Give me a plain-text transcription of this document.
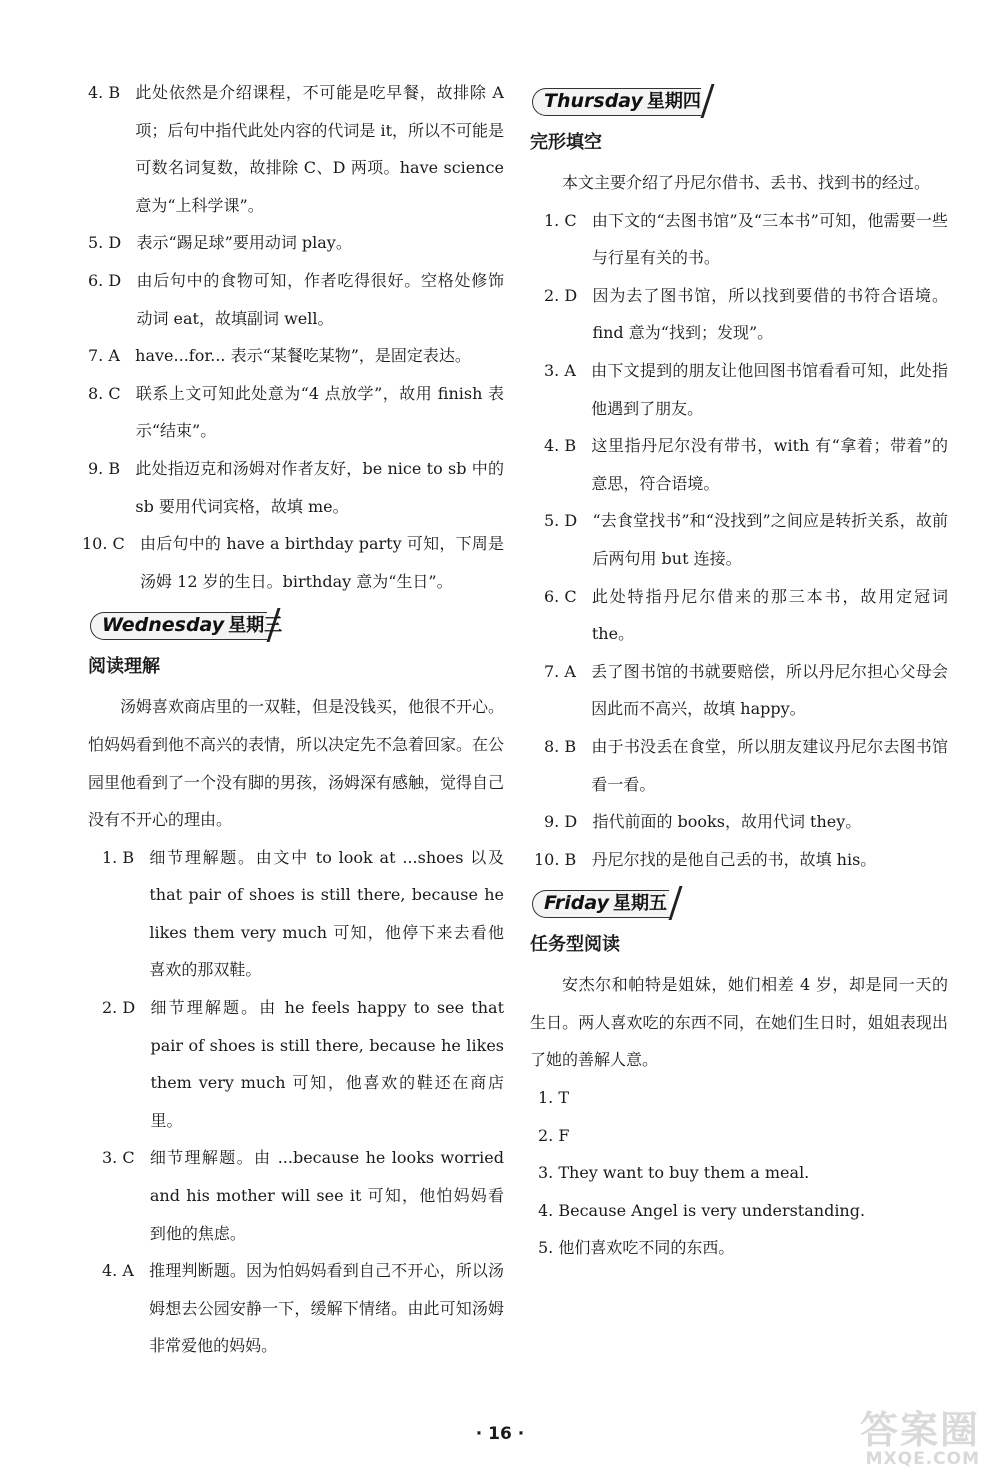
4. B
此处依然是介绍课程，不可能是吃早餐，故排除 A 项；后句中指代此处内容的代词是 it，所以不可能是可数名词复数，故排除 C、D 两项。have science 意为“上科学课”。
5. D
表示“踢足球”要用动词 play。
6. D
由后句中的食物可知，作者吃得很好。空格处修饰动词 eat，故填副词 well。
7. A
have...for... 表示“某餐吃某物”，是固定表达。
8. C
联系上文可知此处意为“4 点放学”，故用 finish 表示“结束”。
9. B
此处指迈克和汤姆对作者友好，be nice to sb 中的 sb 要用代词宾格，故填 me。
10. C
由后句中的 have a birthday party 可知，下周是汤姆 12 岁的生日。birthday 意为“生日”。
Wednesday 星期三
阅读理解

汤姆喜欢商店里的一双鞋，但是没钱买，他很不开心。怕妈妈看到他不高兴的表情，所以决定先不急着回家。在公园里他看到了一个没有脚的男孩，汤姆深有感触，觉得自己没有不开心的理由。

1. B
细节理解题。由文中 to look at ...shoes 以及 that pair of shoes is still there, because he likes them very much 可知，他停下来去看他喜欢的那双鞋。
2. D
细节理解题。由 he feels happy to see that pair of shoes is still there, because he likes them very much 可知，他喜欢的鞋还在商店里。
3. C
细节理解题。由 ...because he looks worried and his mother will see it 可知，他怕妈妈看到他的焦虑。
4. A
推理判断题。因为怕妈妈看到自己不开心，所以汤姆想去公园安静一下，缓解下情绪。由此可知汤姆非常爱他的妈妈。
Thursday 星期四
完形填空

本文主要介绍了丹尼尔借书、丢书、找到书的经过。

1. C
由下文的“去图书馆”及“三本书”可知，他需要一些与行星有关的书。
2. D
因为去了图书馆，所以找到要借的书符合语境。find 意为“找到；发现”。
3. A
由下文提到的朋友让他回图书馆看看可知，此处指他遇到了朋友。
4. B
这里指丹尼尔没有带书，with 有“拿着；带着”的意思，符合语境。
5. D
“去食堂找书”和“没找到”之间应是转折关系，故前后两句用 but 连接。
6. C
此处特指丹尼尔借来的那三本书，故用定冠词 the。
7. A
丢了图书馆的书就要赔偿，所以丹尼尔担心父母会因此而不高兴，故填 happy。
8. B
由于书没丢在食堂，所以朋友建议丹尼尔去图书馆看一看。
9. D
指代前面的 books，故用代词 they。
10. B
丹尼尔找的是他自己丢的书，故填 his。
Friday 星期五
任务型阅读

安杰尔和帕特是姐妹，她们相差 4 岁，却是同一天的生日。两人喜欢吃的东西不同，在她们生日时，姐姐表现出了她的善解人意。

1. T
2. F
3. They want to buy them a meal.
4. Because Angel is very understanding.
5. 他们喜欢吃不同的东西。
· 16 ·	答案圈
MXQE.COM
